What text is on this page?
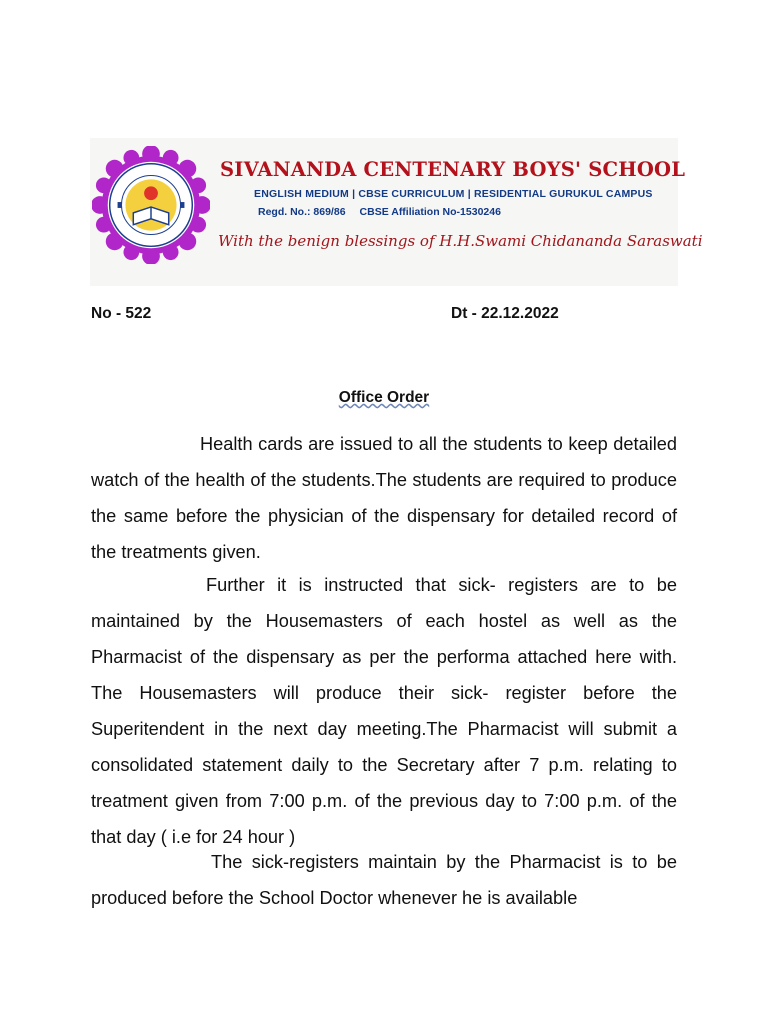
SIVANANDA CENTENARY BOYS' SCHOOL
ENGLISH MEDIUM | CBSE CURRICULUM | RESIDENTIAL GURUKUL CAMPUS
Regd. No.: 869/86 CBSE Affiliation No-1530246
With the benign blessings of H.H.Swami Chidananda Saraswati
No - 522	Dt - 22.12.2022
Office Order

Health cards are issued to all the students to keep detailed watch of the health of the students.The students are required to produce the same before the physician of the dispensary for detailed record of the treatments given.

Further it is instructed that sick- registers are to be maintained by the Housemasters of each hostel as well as the Pharmacist of the dispensary as per the performa attached here with. The Housemasters will produce their sick- register before the Superitendent in the next day meeting.The Pharmacist will submit a consolidated statement daily to the Secretary after 7 p.m. relating to treatment given from 7:00 p.m. of the previous day to 7:00 p.m. of the that day ( i.e for 24 hour )

The sick-registers maintain by the Pharmacist is to be produced before the School Doctor whenever he is available
